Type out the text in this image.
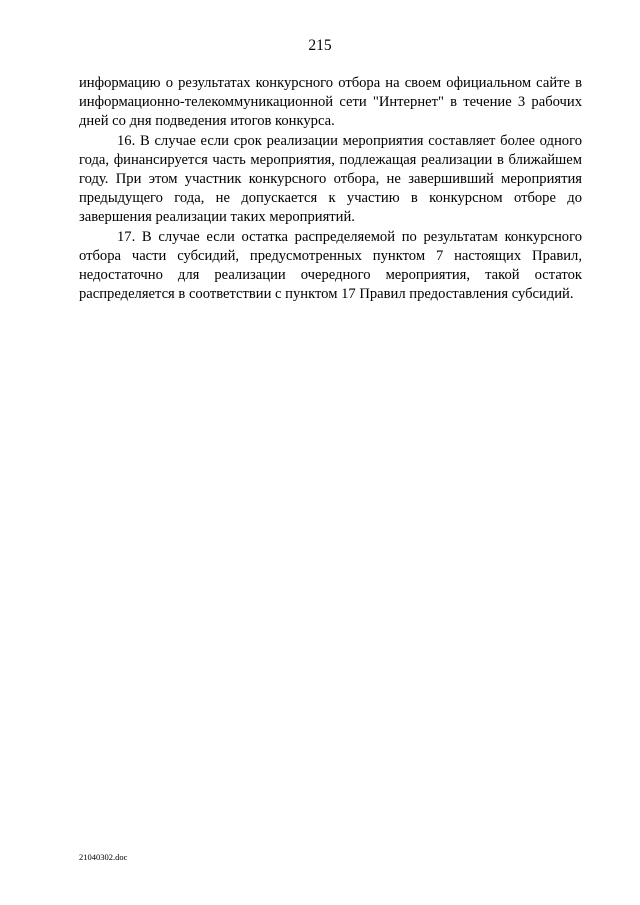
215

информацию о результатах конкурсного отбора на своем официальном сайте в информационно-телекоммуникационной сети "Интернет" в течение 3 рабочих дней со дня подведения итогов конкурса.

16. В случае если срок реализации мероприятия составляет более одного года, финансируется часть мероприятия, подлежащая реализации в ближайшем году. При этом участник конкурсного отбора, не завершивший мероприятия предыдущего года, не допускается к участию в конкурсном отборе до завершения реализации таких мероприятий.

17. В случае если остатка распределяемой по результатам конкурсного отбора части субсидий, предусмотренных пунктом 7 настоящих Правил, недостаточно для реализации очередного мероприятия, такой остаток распределяется в соответствии с пунктом 17 Правил предоставления субсидий.

21040302.doc
